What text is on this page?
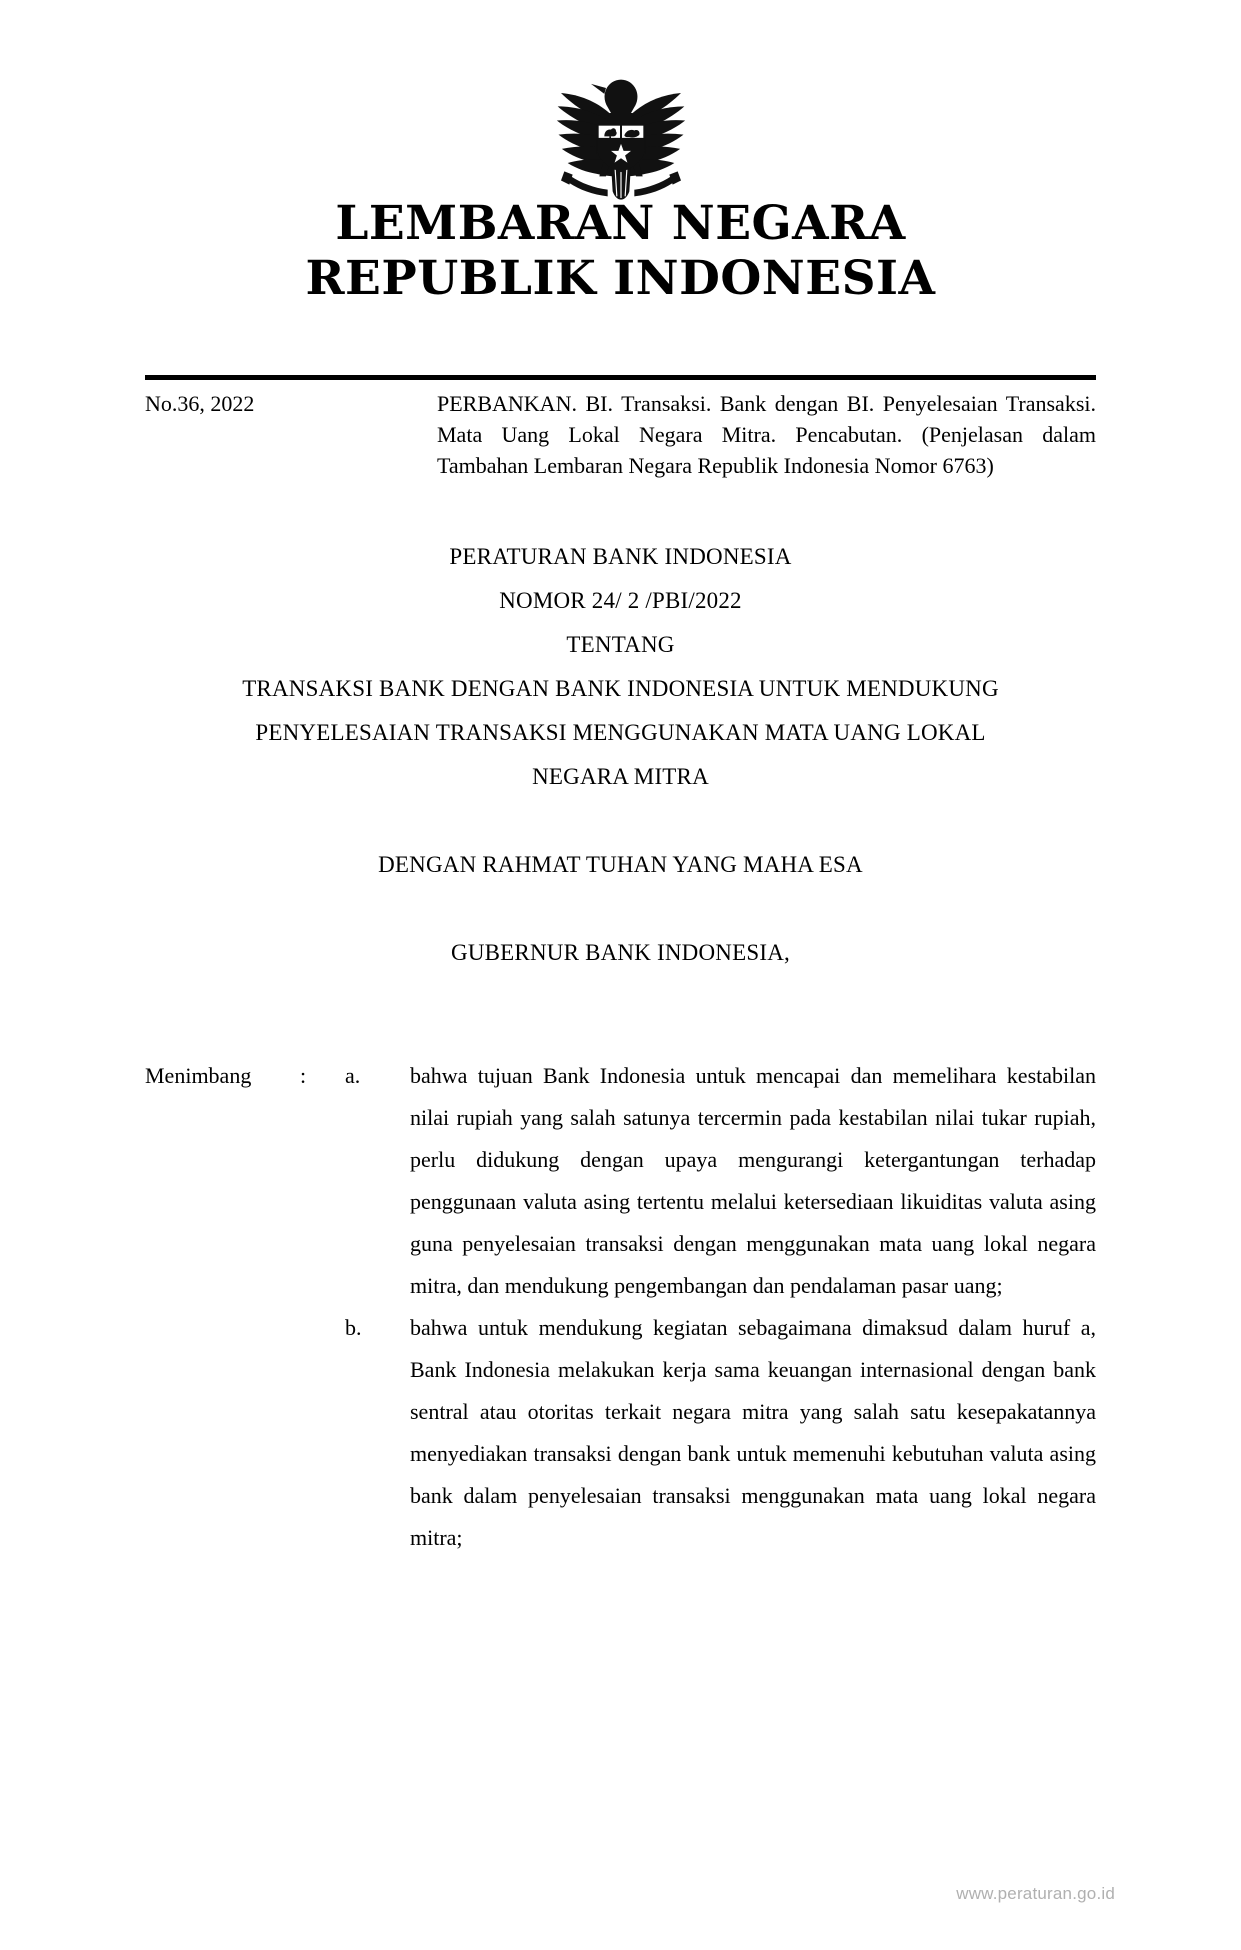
LEMBARAN NEGARA
REPUBLIK INDONESIA
No.36, 2022	PERBANKAN. BI. Transaksi. Bank dengan BI. Penyelesaian Transaksi. Mata Uang Lokal Negara Mitra. Pencabutan. (Penjelasan dalam Tambahan Lembaran Negara Republik Indonesia Nomor 6763)
PERATURAN BANK INDONESIA
NOMOR 24/ 2 /PBI/2022
TENTANG
TRANSAKSI BANK DENGAN BANK INDONESIA UNTUK MENDUKUNG
PENYELESAIAN TRANSAKSI MENGGUNAKAN MATA UANG LOKAL
NEGARA MITRA
DENGAN RAHMAT TUHAN YANG MAHA ESA
GUBERNUR BANK INDONESIA,
Menimbang	:	a.	bahwa tujuan Bank Indonesia untuk mencapai dan memelihara kestabilan nilai rupiah yang salah satunya tercermin pada kestabilan nilai tukar rupiah, perlu didukung dengan upaya mengurangi ketergantungan terhadap penggunaan valuta asing tertentu melalui ketersediaan likuiditas valuta asing guna penyelesaian transaksi dengan menggunakan mata uang lokal negara mitra, dan mendukung pengembangan dan pendalaman pasar uang;
b.	bahwa untuk mendukung kegiatan sebagaimana dimaksud dalam huruf a, Bank Indonesia melakukan kerja sama keuangan internasional dengan bank sentral atau otoritas terkait negara mitra yang salah satu kesepakatannya menyediakan transaksi dengan bank untuk memenuhi kebutuhan valuta asing bank dalam penyelesaian transaksi menggunakan mata uang lokal negara mitra;
www.peraturan.go.id
